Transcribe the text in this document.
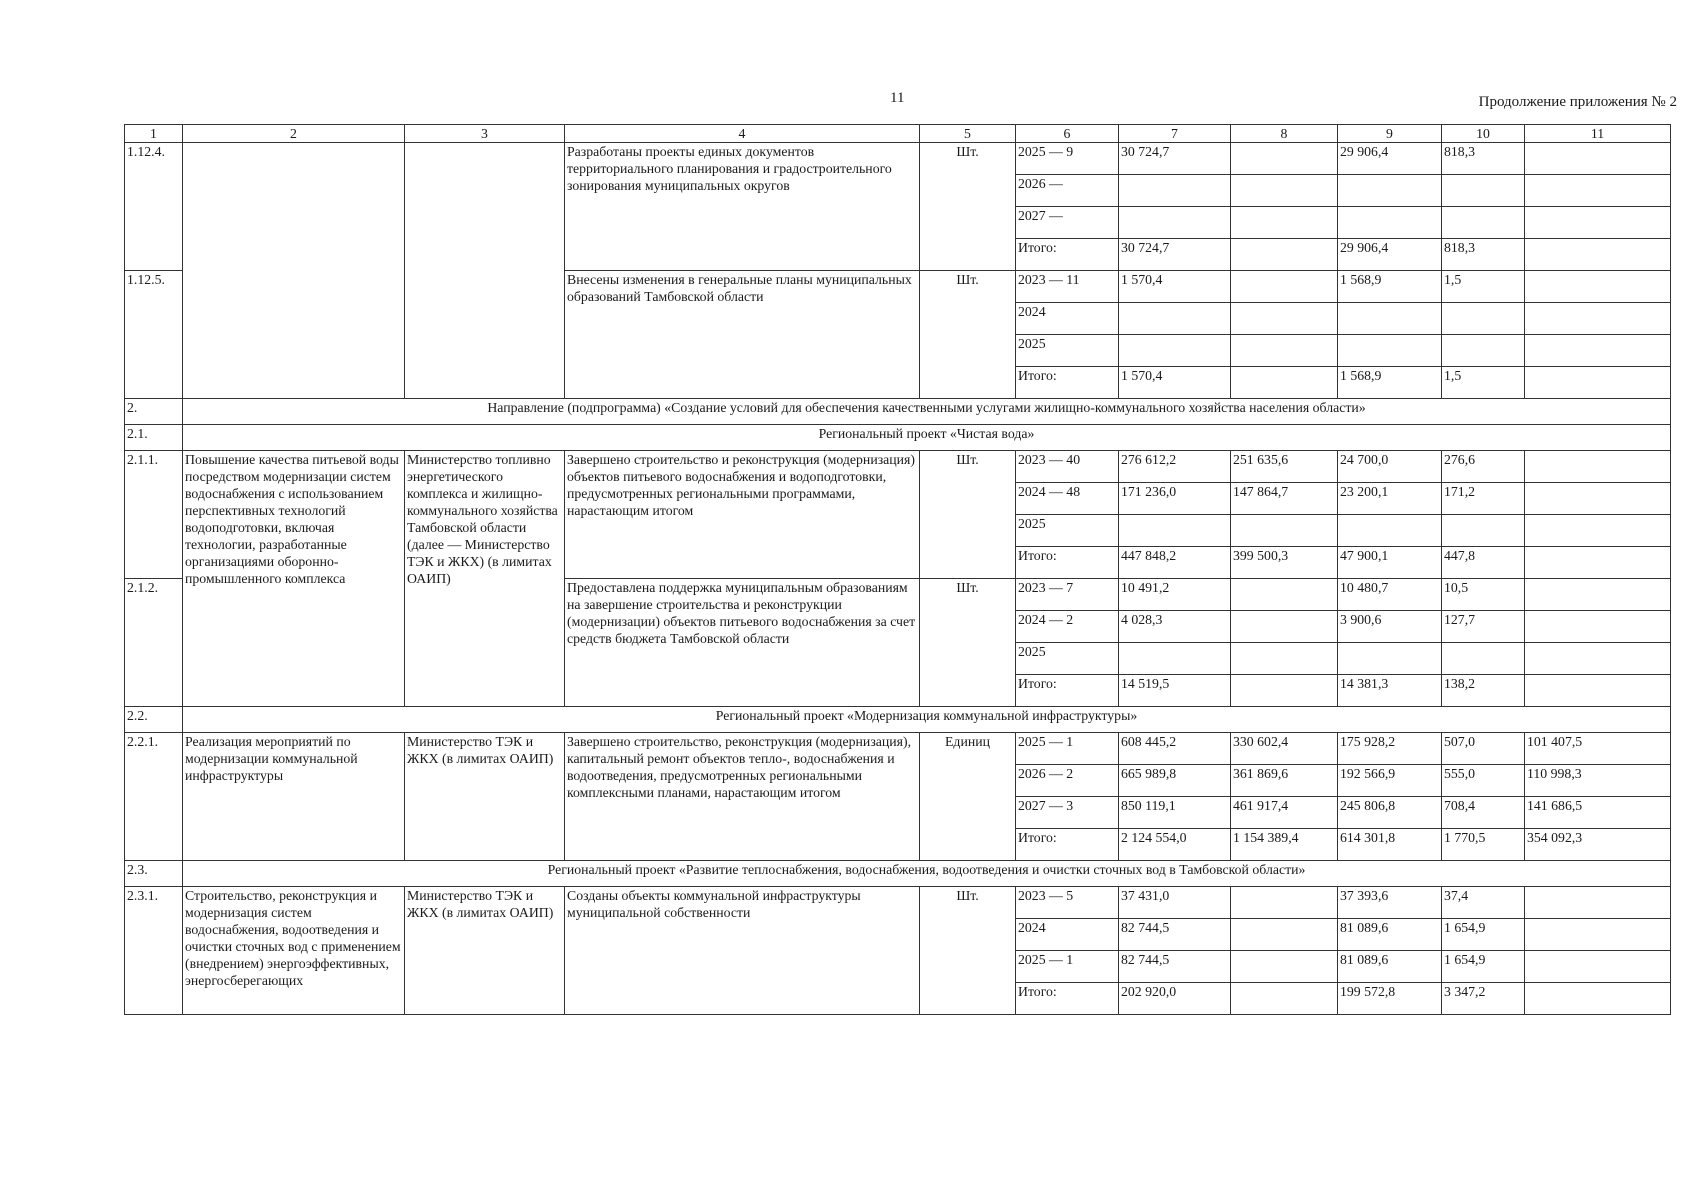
11	Продолжение приложения № 2
1	2	3	4	5	6	7	8	9	10	11
1.12.4.			Разработаны проекты единых документов территориального планирования и градостроительного зонирования муниципальных округов	Шт.	2025 — 9	30 724,7		29 906,4	818,3	
					2026 —					
					2027 —					
					Итого:	30 724,7		29 906,4	818,3	
1.12.5.			Внесены изменения в генеральные планы муниципальных образований Тамбовской области	Шт.	2023 — 11	1 570,4		1 568,9	1,5	
					2024					
					2025					
					Итого:	1 570,4		1 568,9	1,5	
2.	Направление (подпрограмма) «Создание условий для обеспечения качественными услугами жилищно-коммунального хозяйства населения области»									
2.1.	Региональный проект «Чистая вода»									
2.1.1.	Повышение качества питьевой воды посредством модернизации систем водоснабжения с использованием перспективных технологий водоподготовки, включая технологии, разработанные организациями оборонно-промышленного комплекса	Министерство топливно энергетического комплекса и жилищно-коммунального хозяйства Тамбовской области (далее — Министерство ТЭК и ЖКХ) (в лимитах ОАИП)	Завершено строительство и реконструкция (модернизация) объектов питьевого водоснабжения и водоподготовки, предусмотренных региональными программами, нарастающим итогом	Шт.	2023 — 40	276 612,2	251 635,6	24 700,0	276,6	
					2024 — 48	171 236,0	147 864,7	23 200,1	171,2	
					2025					
					Итого:	447 848,2	399 500,3	47 900,1	447,8	
2.1.2.			Предоставлена поддержка муниципальным образованиям на завершение строительства и реконструкции (модернизации) объектов питьевого водоснабжения за счет средств бюджета Тамбовской области	Шт.	2023 — 7	10 491,2		10 480,7	10,5	
					2024 — 2	4 028,3		3 900,6	127,7	
					2025					
					Итого:	14 519,5		14 381,3	138,2	
2.2.	Региональный проект «Модернизация коммунальной инфраструктуры»									
2.2.1.	Реализация мероприятий по модернизации коммунальной инфраструктуры	Министерство ТЭК и ЖКХ (в лимитах ОАИП)	Завершено строительство, реконструкция (модернизация), капитальный ремонт объектов тепло-, водоснабжения и водоотведения, предусмотренных региональными комплексными планами, нарастающим итогом	Единиц	2025 — 1	608 445,2	330 602,4	175 928,2	507,0	101 407,5
					2026 — 2	665 989,8	361 869,6	192 566,9	555,0	110 998,3
					2027 — 3	850 119,1	461 917,4	245 806,8	708,4	141 686,5
					Итого:	2 124 554,0	1 154 389,4	614 301,8	1 770,5	354 092,3
2.3.	Региональный проект «Развитие теплоснабжения, водоснабжения, водоотведения и очистки сточных вод в Тамбовской области»									
2.3.1.	Строительство, реконструкция и модернизация систем водоснабжения, водоотведения и очистки сточных вод с применением (внедрением) энергоэффективных, энергосберегающих	Министерство ТЭК и ЖКХ (в лимитах ОАИП)	Созданы объекты коммунальной инфраструктуры муниципальной собственности	Шт.	2023 — 5	37 431,0		37 393,6	37,4	
					2024	82 744,5		81 089,6	1 654,9	
					2025 — 1	82 744,5		81 089,6	1 654,9	
					Итого:	202 920,0		199 572,8	3 347,2	
